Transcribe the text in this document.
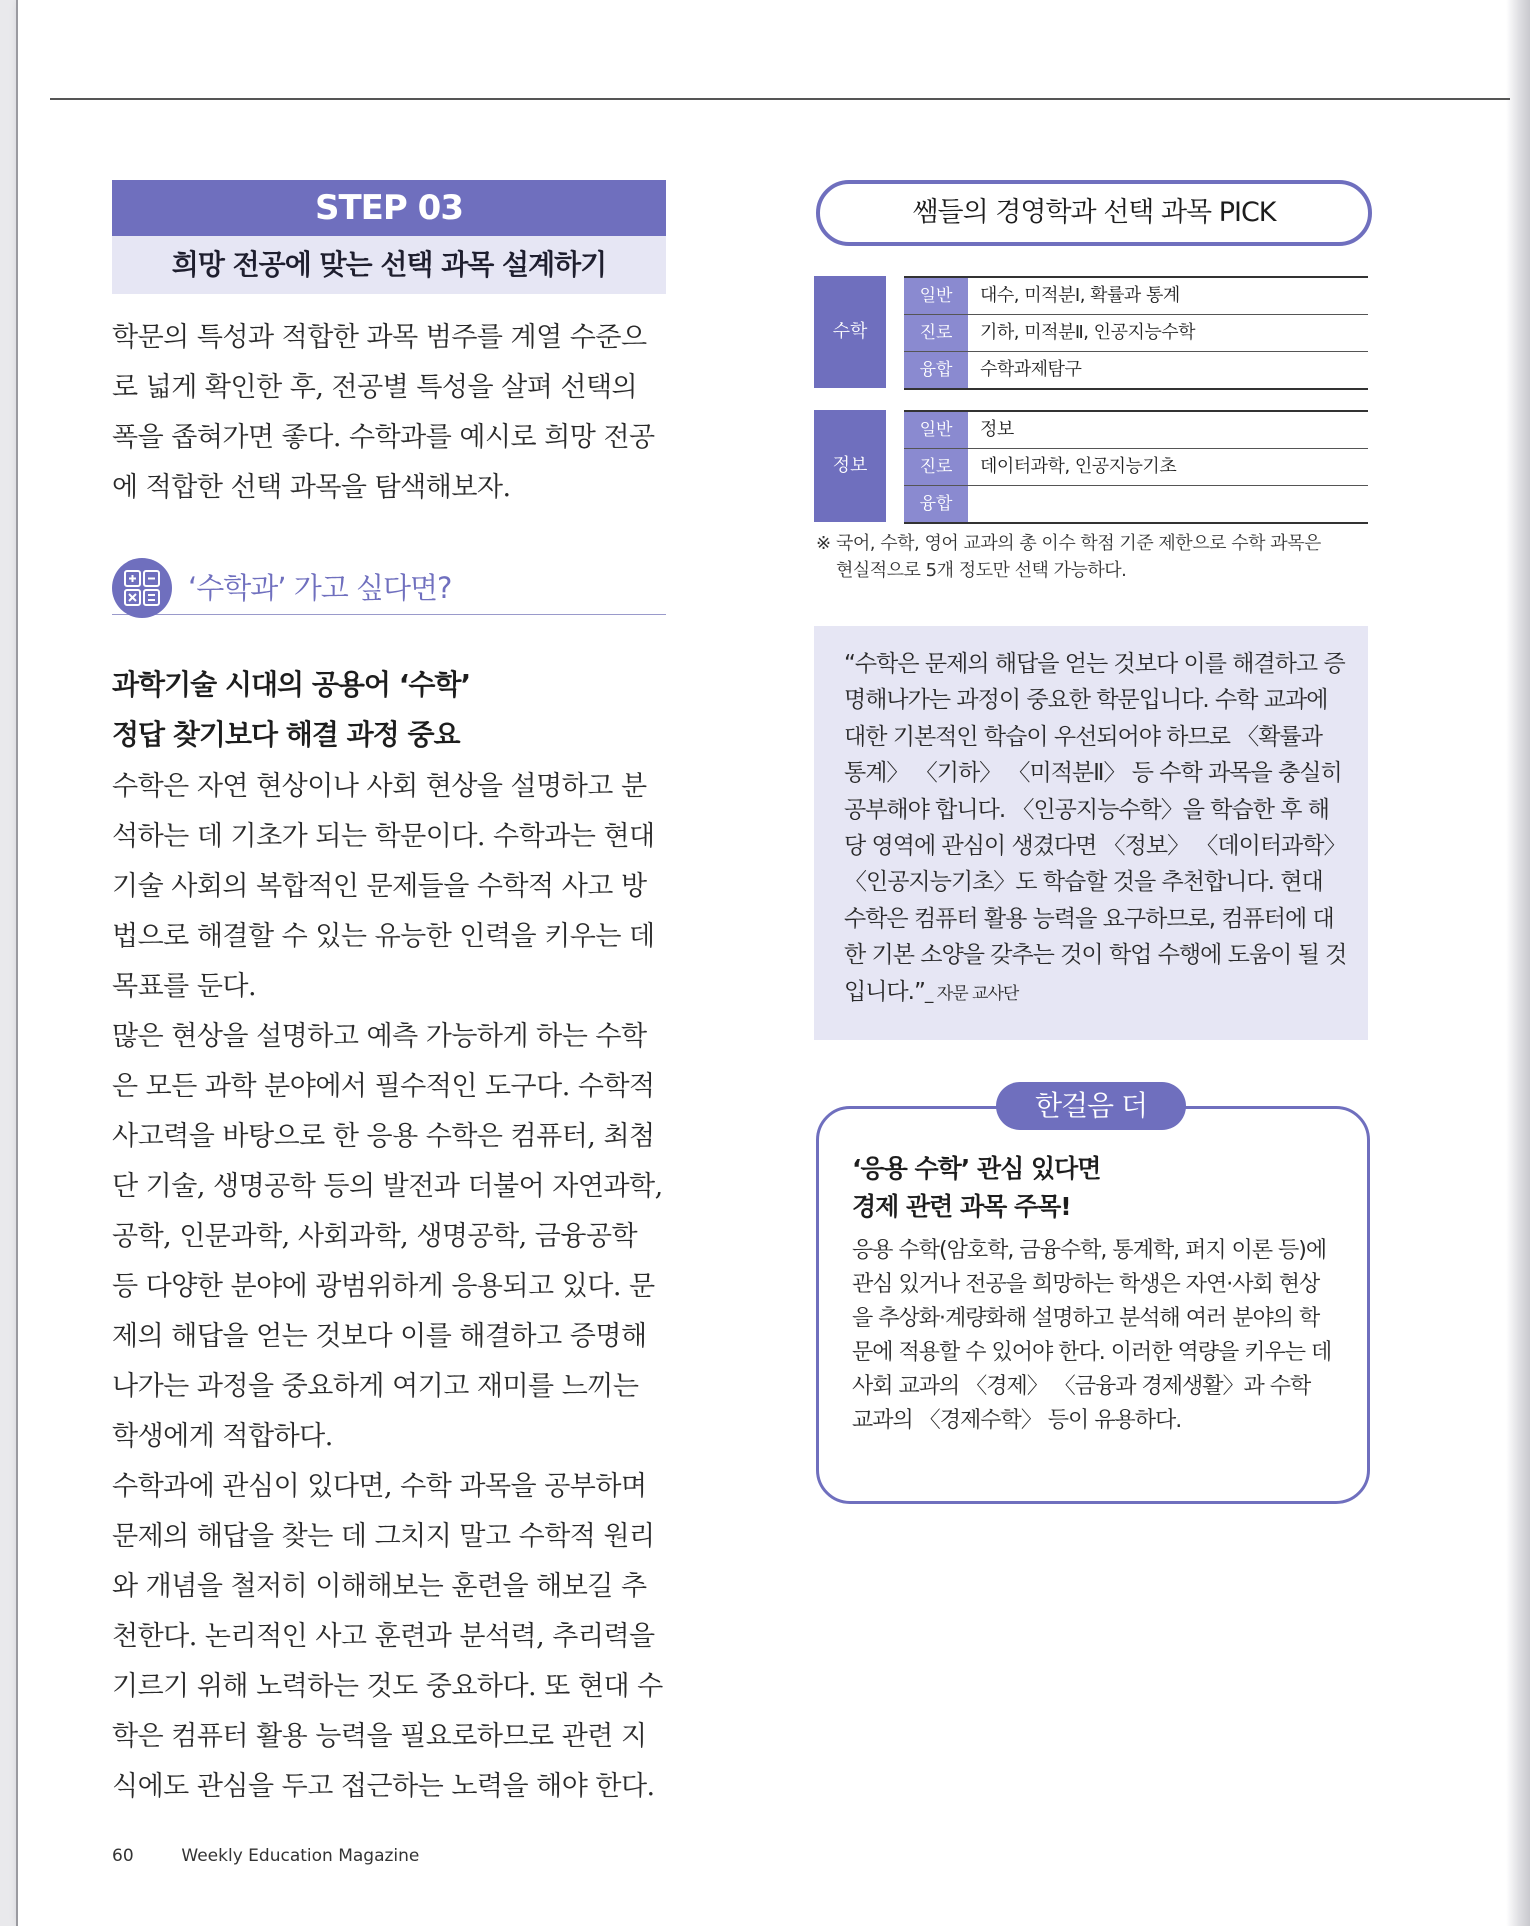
STEP 03
희망 전공에 맞는 선택 과목 설계하기

학문의 특성과 적합한 과목 범주를 계열 수준으로 넓게 확인한 후, 전공별 특성을 살펴 선택의 폭을 좁혀가면 좋다. 수학과를 예시로 희망 전공에 적합한 선택 과목을 탐색해보자.

‘수학과’ 가고 싶다면?
과학기술 시대의 공용어 ‘수학’
정답 찾기보다 해결 과정 중요

수학은 자연 현상이나 사회 현상을 설명하고 분석하는 데 기초가 되는 학문이다. 수학과는 현대 기술 사회의 복합적인 문제들을 수학적 사고 방법으로 해결할 수 있는 유능한 인력을 키우는 데 목표를 둔다.

많은 현상을 설명하고 예측 가능하게 하는 수학은 모든 과학 분야에서 필수적인 도구다. 수학적 사고력을 바탕으로 한 응용 수학은 컴퓨터, 최첨단 기술, 생명공학 등의 발전과 더불어 자연과학, 공학, 인문과학, 사회과학, 생명공학, 금융공학 등 다양한 분야에 광범위하게 응용되고 있다. 문제의 해답을 얻는 것보다 이를 해결하고 증명해나가는 과정을 중요하게 여기고 재미를 느끼는 학생에게 적합하다.

수학과에 관심이 있다면, 수학 과목을 공부하며 문제의 해답을 찾는 데 그치지 말고 수학적 원리와 개념을 철저히 이해해보는 훈련을 해보길 추천한다. 논리적인 사고 훈련과 분석력, 추리력을 기르기 위해 노력하는 것도 중요하다. 또 현대 수학은 컴퓨터 활용 능력을 필요로하므로 관련 지식에도 관심을 두고 접근하는 노력을 해야 한다.

60	Weekly Education Magazine
쌤들의 경영학과 선택 과목 PICK
수학
일반	대수, 미적분Ⅰ, 확률과 통계
진로	기하, 미적분Ⅱ, 인공지능수학
융합	수학과제탐구
정보
일반	정보
진로	데이터과학, 인공지능기초
융합
※ 국어, 수학, 영어 교과의 총 이수 학점 기준 제한으로 수학 과목은
현실적으로 5개 정도만 선택 가능하다.

“수학은 문제의 해답을 얻는 것보다 이를 해결하고 증명해나가는 과정이 중요한 학문입니다. 수학 교과에 대한 기본적인 학습이 우선되어야 하므로 〈확률과 통계〉 〈기하〉 〈미적분Ⅱ〉 등 수학 과목을 충실히 공부해야 합니다. 〈인공지능수학〉을 학습한 후 해당 영역에 관심이 생겼다면 〈정보〉 〈데이터과학〉 〈인공지능기초〉도 학습할 것을 추천합니다. 현대 수학은 컴퓨터 활용 능력을 요구하므로, 컴퓨터에 대한 기본 소양을 갖추는 것이 학업 수행에 도움이 될 것입니다.”_ 자문 교사단

한걸음 더
‘응용 수학’ 관심 있다면
경제 관련 과목 주목!

응용 수학(암호학, 금융수학, 통계학, 퍼지 이론 등)에 관심 있거나 전공을 희망하는 학생은 자연·사회 현상을 추상화·계량화해 설명하고 분석해 여러 분야의 학문에 적용할 수 있어야 한다. 이러한 역량을 키우는 데 사회 교과의 〈경제〉 〈금융과 경제생활〉과 수학 교과의 〈경제수학〉 등이 유용하다.
